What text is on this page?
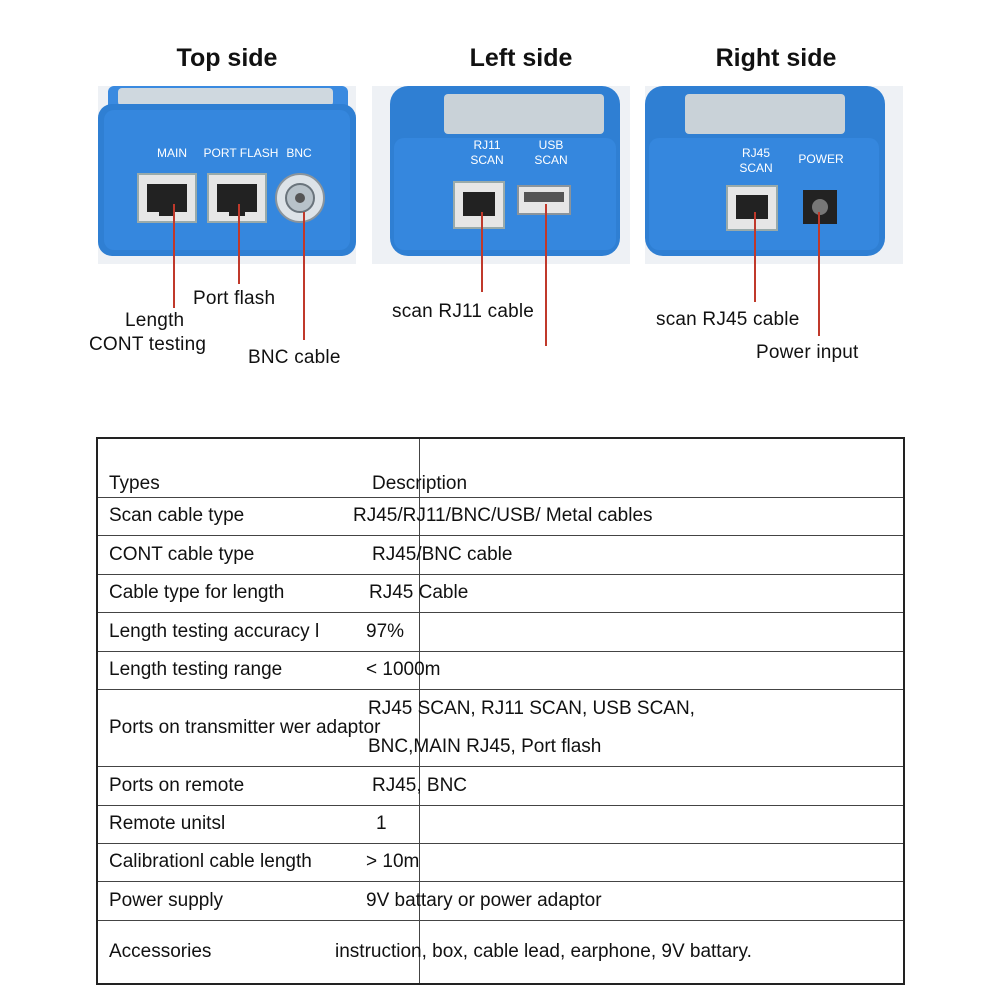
Top side	Left side	Right side
MAIN	PORT FLASH BNC
RJ11
SCAN
USB
SCAN	RJ45
SCAN
POWER
Port flash
Length
CONT testing
BNC cable
scan RJ11 cable	scan RJ45 cable
Power input
Types	Description
Scan cable type	RJ45/RJ11/BNC/USB/ Metal cables
CONT cable type	RJ45/BNC cable
Cable type for length	RJ45 Cable
Length testing accuracy l 97%
Length testing range	< 1000m
Ports on transmitter wer adaptor
RJ45 SCAN, RJ11 SCAN, USB SCAN,
BNC,MAIN RJ45, Port flash
Ports on remote	RJ45, BNC
Remote unitsl	1
Calibrationl cable length	> 10m
Power supply	9V battary or power adaptor
Accessories	instruction, box, cable lead, earphone, 9V battary.
